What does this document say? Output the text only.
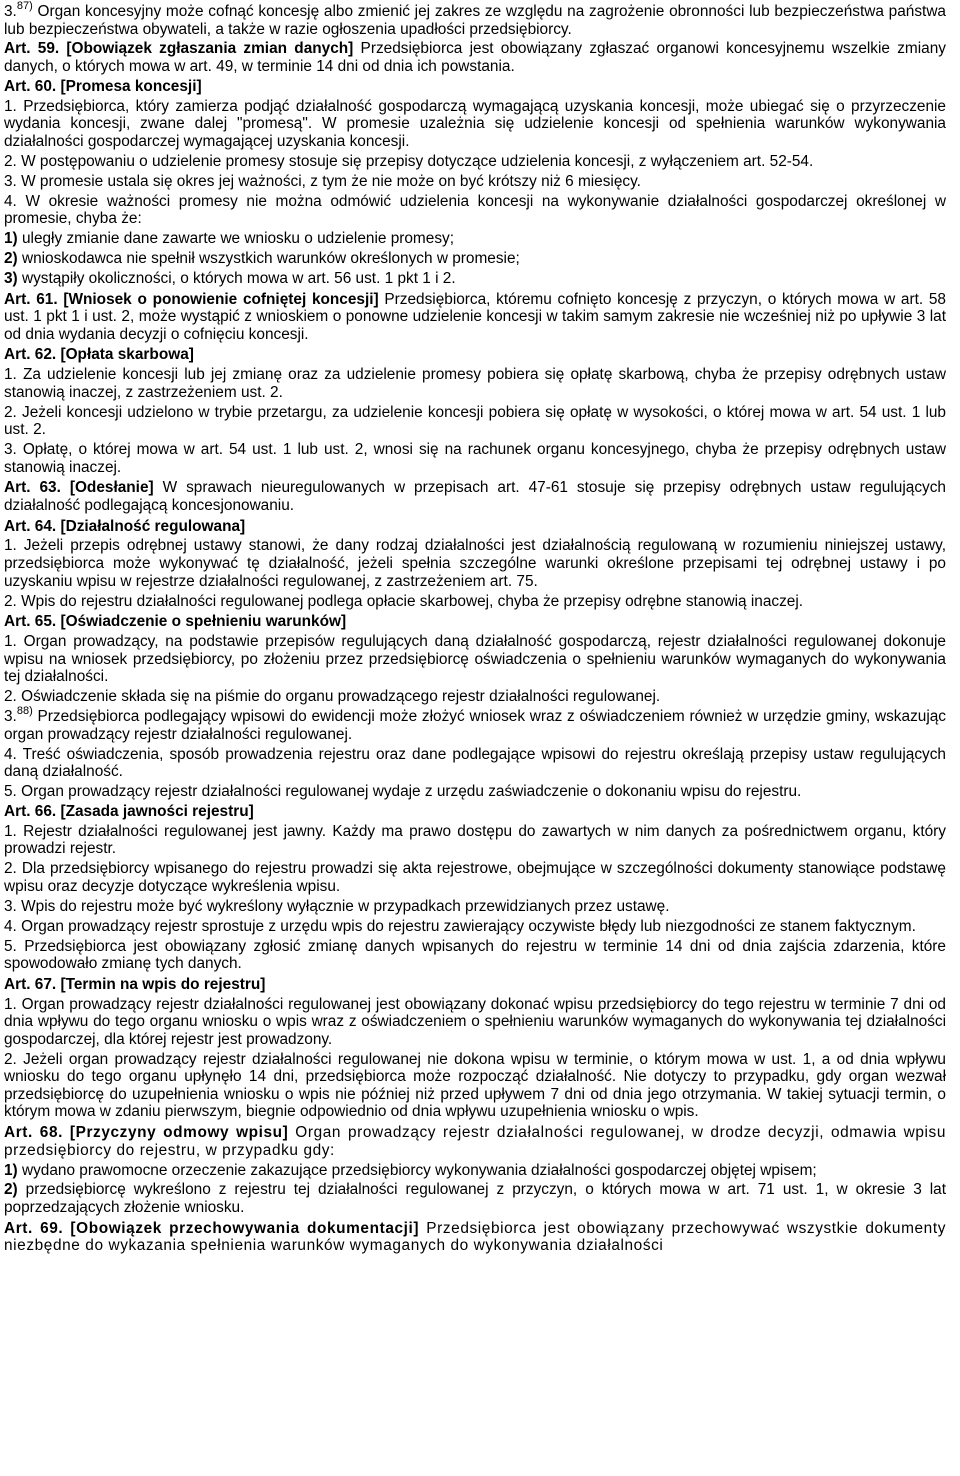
3.$^{87)}$ Organ koncesyjny może cofnąć koncesję albo zmienić jej zakres ze względu na zagrożenie obronności lub bezpieczeństwa państwa lub bezpieczeństwa obywateli, a także w razie ogłoszenia upadłości przedsiębiorcy.

Art. 59. [Obowiązek zgłaszania zmian danych] Przedsiębiorca jest obowiązany zgłaszać organowi koncesyjnemu wszelkie zmiany danych, o których mowa w art. 49, w terminie 14 dni od dnia ich powstania.

Art. 60. [Promesa koncesji]

1. Przedsiębiorca, który zamierza podjąć działalność gospodarczą wymagającą uzyskania koncesji, może ubiegać się o przyrzeczenie wydania koncesji, zwane dalej "promesą". W promesie uzależnia się udzielenie koncesji od spełnienia warunków wykonywania działalności gospodarczej wymagającej uzyskania koncesji.

2. W postępowaniu o udzielenie promesy stosuje się przepisy dotyczące udzielenia koncesji, z wyłączeniem art. 52-54.

3. W promesie ustala się okres jej ważności, z tym że nie może on być krótszy niż 6 miesięcy.

4. W okresie ważności promesy nie można odmówić udzielenia koncesji na wykonywanie działalności gospodarczej określonej w promesie, chyba że:

1) uległy zmianie dane zawarte we wniosku o udzielenie promesy;

2) wnioskodawca nie spełnił wszystkich warunków określonych w promesie;

3) wystąpiły okoliczności, o których mowa w art. 56 ust. 1 pkt 1 i 2.

Art. 61. [Wniosek o ponowienie cofniętej koncesji] Przedsiębiorca, któremu cofnięto koncesję z przyczyn, o których mowa w art. 58 ust. 1 pkt 1 i ust. 2, może wystąpić z wnioskiem o ponowne udzielenie koncesji w takim samym zakresie nie wcześniej niż po upływie 3 lat od dnia wydania decyzji o cofnięciu koncesji.

Art. 62. [Opłata skarbowa]

1. Za udzielenie koncesji lub jej zmianę oraz za udzielenie promesy pobiera się opłatę skarbową, chyba że przepisy odrębnych ustaw stanowią inaczej, z zastrzeżeniem ust. 2.

2. Jeżeli koncesji udzielono w trybie przetargu, za udzielenie koncesji pobiera się opłatę w wysokości, o której mowa w art. 54 ust. 1 lub ust. 2.

3. Opłatę, o której mowa w art. 54 ust. 1 lub ust. 2, wnosi się na rachunek organu koncesyjnego, chyba że przepisy odrębnych ustaw stanowią inaczej.

Art. 63. [Odesłanie] W sprawach nieuregulowanych w przepisach art. 47-61 stosuje się przepisy odrębnych ustaw regulujących działalność podlegającą koncesjonowaniu.

Art. 64. [Działalność regulowana]

1. Jeżeli przepis odrębnej ustawy stanowi, że dany rodzaj działalności jest działalnością regulowaną w rozumieniu niniejszej ustawy, przedsiębiorca może wykonywać tę działalność, jeżeli spełnia szczególne warunki określone przepisami tej odrębnej ustawy i po uzyskaniu wpisu w rejestrze działalności regulowanej, z zastrzeżeniem art. 75.

2. Wpis do rejestru działalności regulowanej podlega opłacie skarbowej, chyba że przepisy odrębne stanowią inaczej.

Art. 65. [Oświadczenie o spełnieniu warunków]

1. Organ prowadzący, na podstawie przepisów regulujących daną działalność gospodarczą, rejestr działalności regulowanej dokonuje wpisu na wniosek przedsiębiorcy, po złożeniu przez przedsiębiorcę oświadczenia o spełnieniu warunków wymaganych do wykonywania tej działalności.

2. Oświadczenie składa się na piśmie do organu prowadzącego rejestr działalności regulowanej.

3.$^{88)}$ Przedsiębiorca podlegający wpisowi do ewidencji może złożyć wniosek wraz z oświadczeniem również w urzędzie gminy, wskazując organ prowadzący rejestr działalności regulowanej.

4. Treść oświadczenia, sposób prowadzenia rejestru oraz dane podlegające wpisowi do rejestru określają przepisy ustaw regulujących daną działalność.

5. Organ prowadzący rejestr działalności regulowanej wydaje z urzędu zaświadczenie o dokonaniu wpisu do rejestru.

Art. 66. [Zasada jawności rejestru]

1. Rejestr działalności regulowanej jest jawny. Każdy ma prawo dostępu do zawartych w nim danych za pośrednictwem organu, który prowadzi rejestr.

2. Dla przedsiębiorcy wpisanego do rejestru prowadzi się akta rejestrowe, obejmujące w szczególności dokumenty stanowiące podstawę wpisu oraz decyzje dotyczące wykreślenia wpisu.

3. Wpis do rejestru może być wykreślony wyłącznie w przypadkach przewidzianych przez ustawę.

4. Organ prowadzący rejestr sprostuje z urzędu wpis do rejestru zawierający oczywiste błędy lub niezgodności ze stanem faktycznym.

5. Przedsiębiorca jest obowiązany zgłosić zmianę danych wpisanych do rejestru w terminie 14 dni od dnia zajścia zdarzenia, które spowodowało zmianę tych danych.

Art. 67. [Termin na wpis do rejestru]

1. Organ prowadzący rejestr działalności regulowanej jest obowiązany dokonać wpisu przedsiębiorcy do tego rejestru w terminie 7 dni od dnia wpływu do tego organu wniosku o wpis wraz z oświadczeniem o spełnieniu warunków wymaganych do wykonywania tej działalności gospodarczej, dla której rejestr jest prowadzony.

2. Jeżeli organ prowadzący rejestr działalności regulowanej nie dokona wpisu w terminie, o którym mowa w ust. 1, a od dnia wpływu wniosku do tego organu upłynęło 14 dni, przedsiębiorca może rozpocząć działalność. Nie dotyczy to przypadku, gdy organ wezwał przedsiębiorcę do uzupełnienia wniosku o wpis nie później niż przed upływem 7 dni od dnia jego otrzymania. W takiej sytuacji termin, o którym mowa w zdaniu pierwszym, biegnie odpowiednio od dnia wpływu uzupełnienia wniosku o wpis.

Art. 68. [Przyczyny odmowy wpisu] Organ prowadzący rejestr działalności regulowanej, w drodze decyzji, odmawia wpisu przedsiębiorcy do rejestru, w przypadku gdy:

1) wydano prawomocne orzeczenie zakazujące przedsiębiorcy wykonywania działalności gospodarczej objętej wpisem;

2) przedsiębiorcę wykreślono z rejestru tej działalności regulowanej z przyczyn, o których mowa w art. 71 ust. 1, w okresie 3 lat poprzedzających złożenie wniosku.

Art. 69. [Obowiązek przechowywania dokumentacji] Przedsiębiorca jest obowiązany przechowywać wszystkie dokumenty niezbędne do wykazania spełnienia warunków wymaganych do wykonywania działalności
